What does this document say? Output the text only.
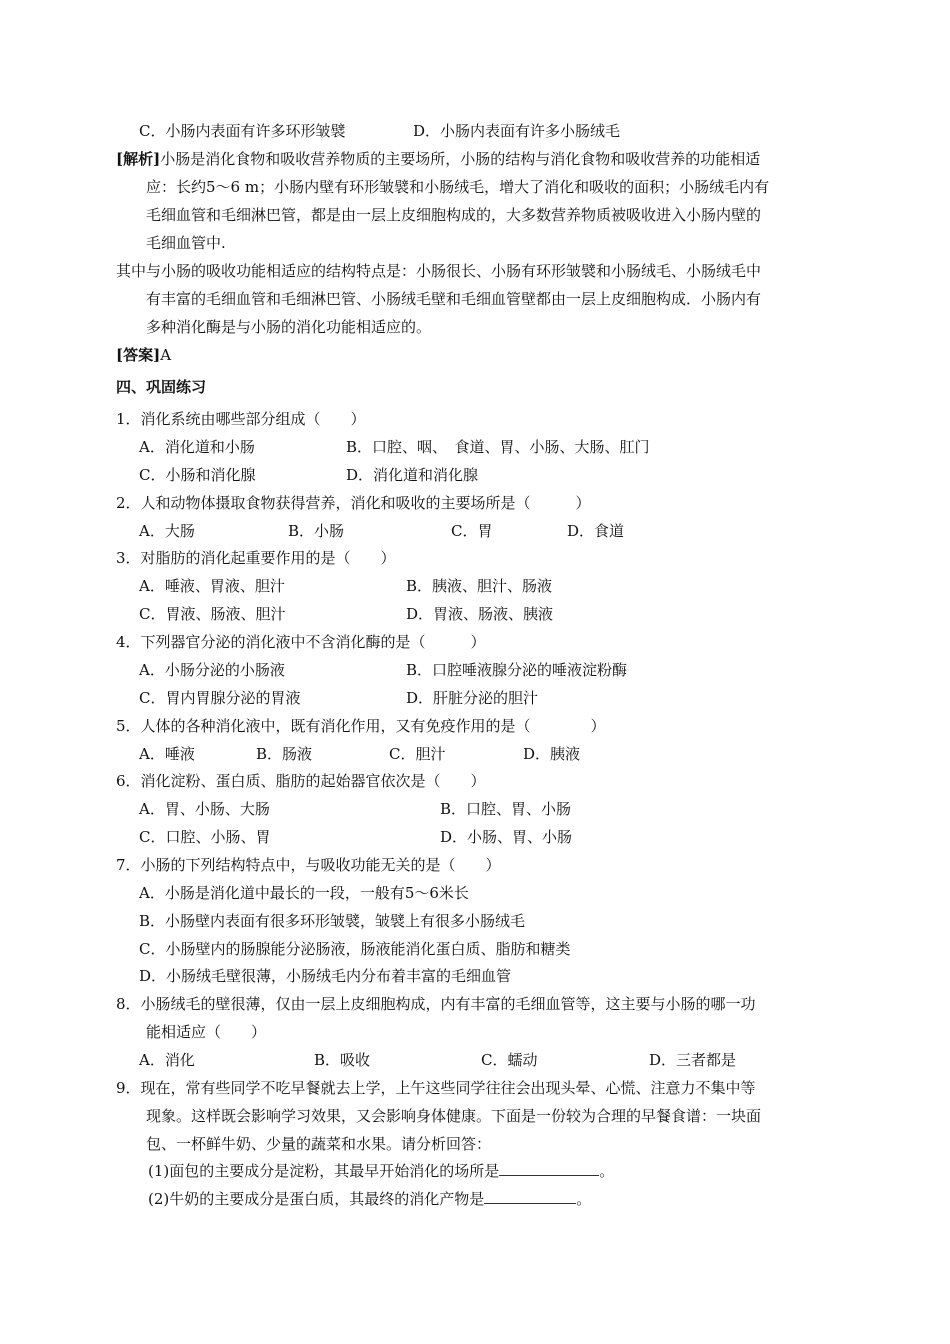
C．小肠内表面有许多环形皱襞	D．小肠内表面有许多小肠绒毛
[解析]小肠是消化食物和吸收营养物质的主要场所，小肠的结构与消化食物和吸收营养的功能相适
应：长约5～6 m；小肠内壁有环形皱襞和小肠绒毛，增大了消化和吸收的面积；小肠绒毛内有
毛细血管和毛细淋巴管，都是由一层上皮细胞构成的，大多数营养物质被吸收进入小肠内壁的
毛细血管中.
其中与小肠的吸收功能相适应的结构特点是：小肠很长、小肠有环形皱襞和小肠绒毛、小肠绒毛中
有丰富的毛细血管和毛细淋巴管、小肠绒毛壁和毛细血管壁都由一层上皮细胞构成．小肠内有
多种消化酶是与小肠的消化功能相适应的。
[答案]A
四、巩固练习
1．消化系统由哪些部分组成（　　）
A．消化道和小肠	B．口腔、咽、　食道、胃、小肠、大肠、肛门
C．小肠和消化腺	D．消化道和消化腺
2．人和动物体摄取食物获得营养，消化和吸收的主要场所是（　　　）
A．大肠	B．小肠	C．胃	D．食道
3．对脂肪的消化起重要作用的是（　　）
A．唾液、胃液、胆汁	B．胰液、胆汁、肠液
C．胃液、肠液、胆汁	D．胃液、肠液、胰液
4．下列器官分泌的消化液中不含消化酶的是（　　　）
A．小肠分泌的小肠液	B．口腔唾液腺分泌的唾液淀粉酶
C．胃内胃腺分泌的胃液	D．肝脏分泌的胆汁
5．人体的各种消化液中，既有消化作用，又有免疫作用的是（　　　　）
A．唾液	B．肠液	C．胆汁	D．胰液
6．消化淀粉、蛋白质、脂肪的起始器官依次是（　　）
A．胃、小肠、大肠	B．口腔、胃、小肠
C．口腔、小肠、胃	D．小肠、胃、小肠
7．小肠的下列结构特点中，与吸收功能无关的是（　　）
A．小肠是消化道中最长的一段，一般有5～6米长
B．小肠壁内表面有很多环形皱襞，皱襞上有很多小肠绒毛
C．小肠壁内的肠腺能分泌肠液，肠液能消化蛋白质、脂肪和糖类
D．小肠绒毛壁很薄，小肠绒毛内分布着丰富的毛细血管
8．小肠绒毛的壁很薄，仅由一层上皮细胞构成，内有丰富的毛细血管等，这主要与小肠的哪一功
能相适应（　　）
A．消化	B．吸收	C．蠕动	D．三者都是
9．现在，常有些同学不吃早餐就去上学，上午这些同学往往会出现头晕、心慌、注意力不集中等
现象。这样既会影响学习效果，又会影响身体健康。下面是一份较为合理的早餐食谱：一块面
包、一杯鲜牛奶、少量的蔬菜和水果。请分析回答：
(1)面包的主要成分是淀粉，其最早开始消化的场所是	。
(2)牛奶的主要成分是蛋白质，其最终的消化产物是	。
